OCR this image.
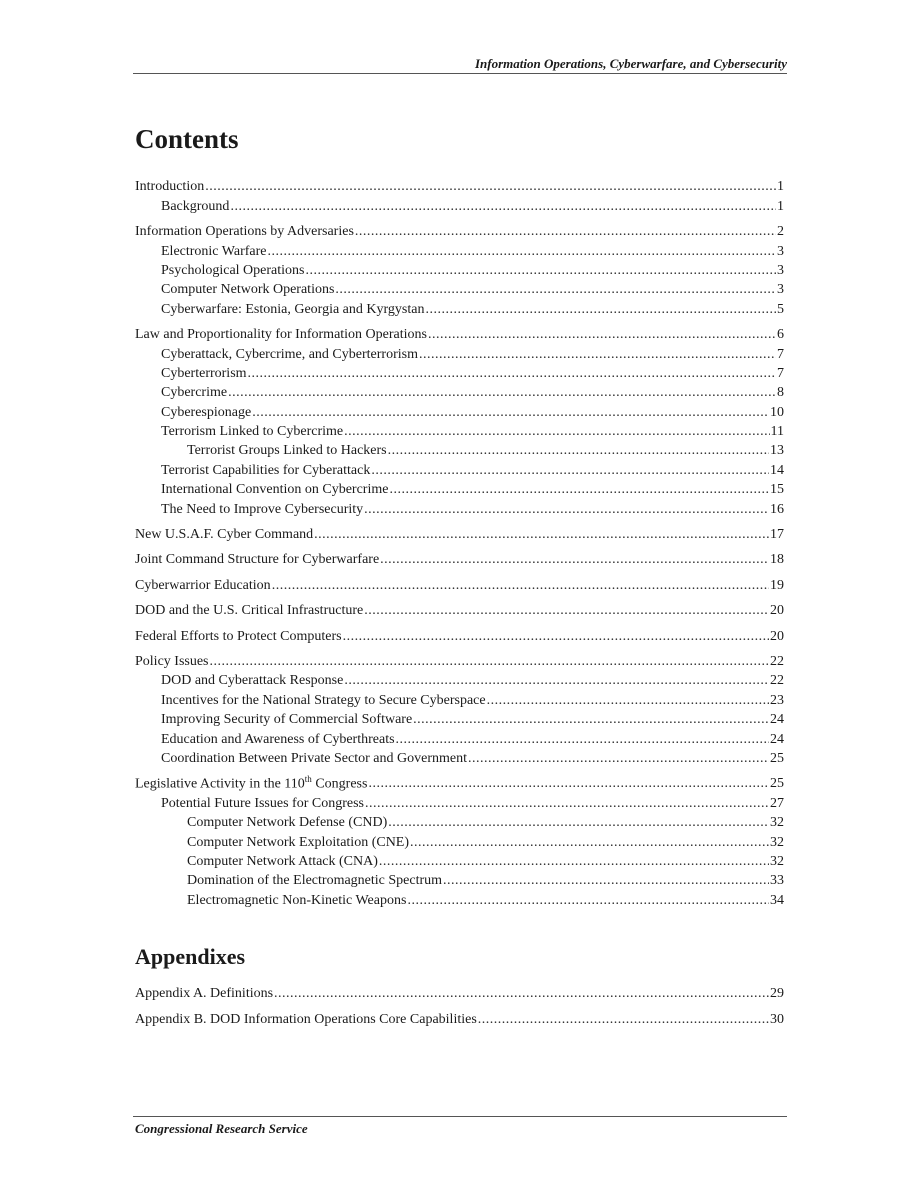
Information Operations, Cyberwarfare, and Cybersecurity
Contents
Introduction .....	1
Background .....	1
Information Operations by Adversaries .....	2
Electronic Warfare .....	3
Psychological Operations .....	3
Computer Network Operations .....	3
Cyberwarfare: Estonia, Georgia and Kyrgystan .....	5
Law and Proportionality for Information Operations .....	6
Cyberattack, Cybercrime, and Cyberterrorism .....	7
Cyberterrorism .....	7
Cybercrime .....	8
Cyberespionage .....	10
Terrorism Linked to Cybercrime .....	11
Terrorist Groups Linked to Hackers .....	13
Terrorist Capabilities for Cyberattack .....	14
International Convention on Cybercrime .....	15
The Need to Improve Cybersecurity .....	16
New U.S.A.F. Cyber Command .....	17
Joint Command Structure for Cyberwarfare .....	18
Cyberwarrior Education .....	19
DOD and the U.S. Critical Infrastructure .....	20
Federal Efforts to Protect Computers .....	20
Policy Issues .....	22
DOD and Cyberattack Response .....	22
Incentives for the National Strategy to Secure Cyberspace .....	23
Improving Security of Commercial Software .....	24
Education and Awareness of Cyberthreats .....	24
Coordination Between Private Sector and Government .....	25
Legislative Activity in the 110th Congress .....	25
Potential Future Issues for Congress .....	27
Computer Network Defense (CND) .....	32
Computer Network Exploitation (CNE) .....	32
Computer Network Attack (CNA) .....	32
Domination of the Electromagnetic Spectrum .....	33
Electromagnetic Non-Kinetic Weapons .....	34
Appendixes
Appendix A. Definitions .....	29
Appendix B. DOD Information Operations Core Capabilities .....	30
Congressional Research Service
